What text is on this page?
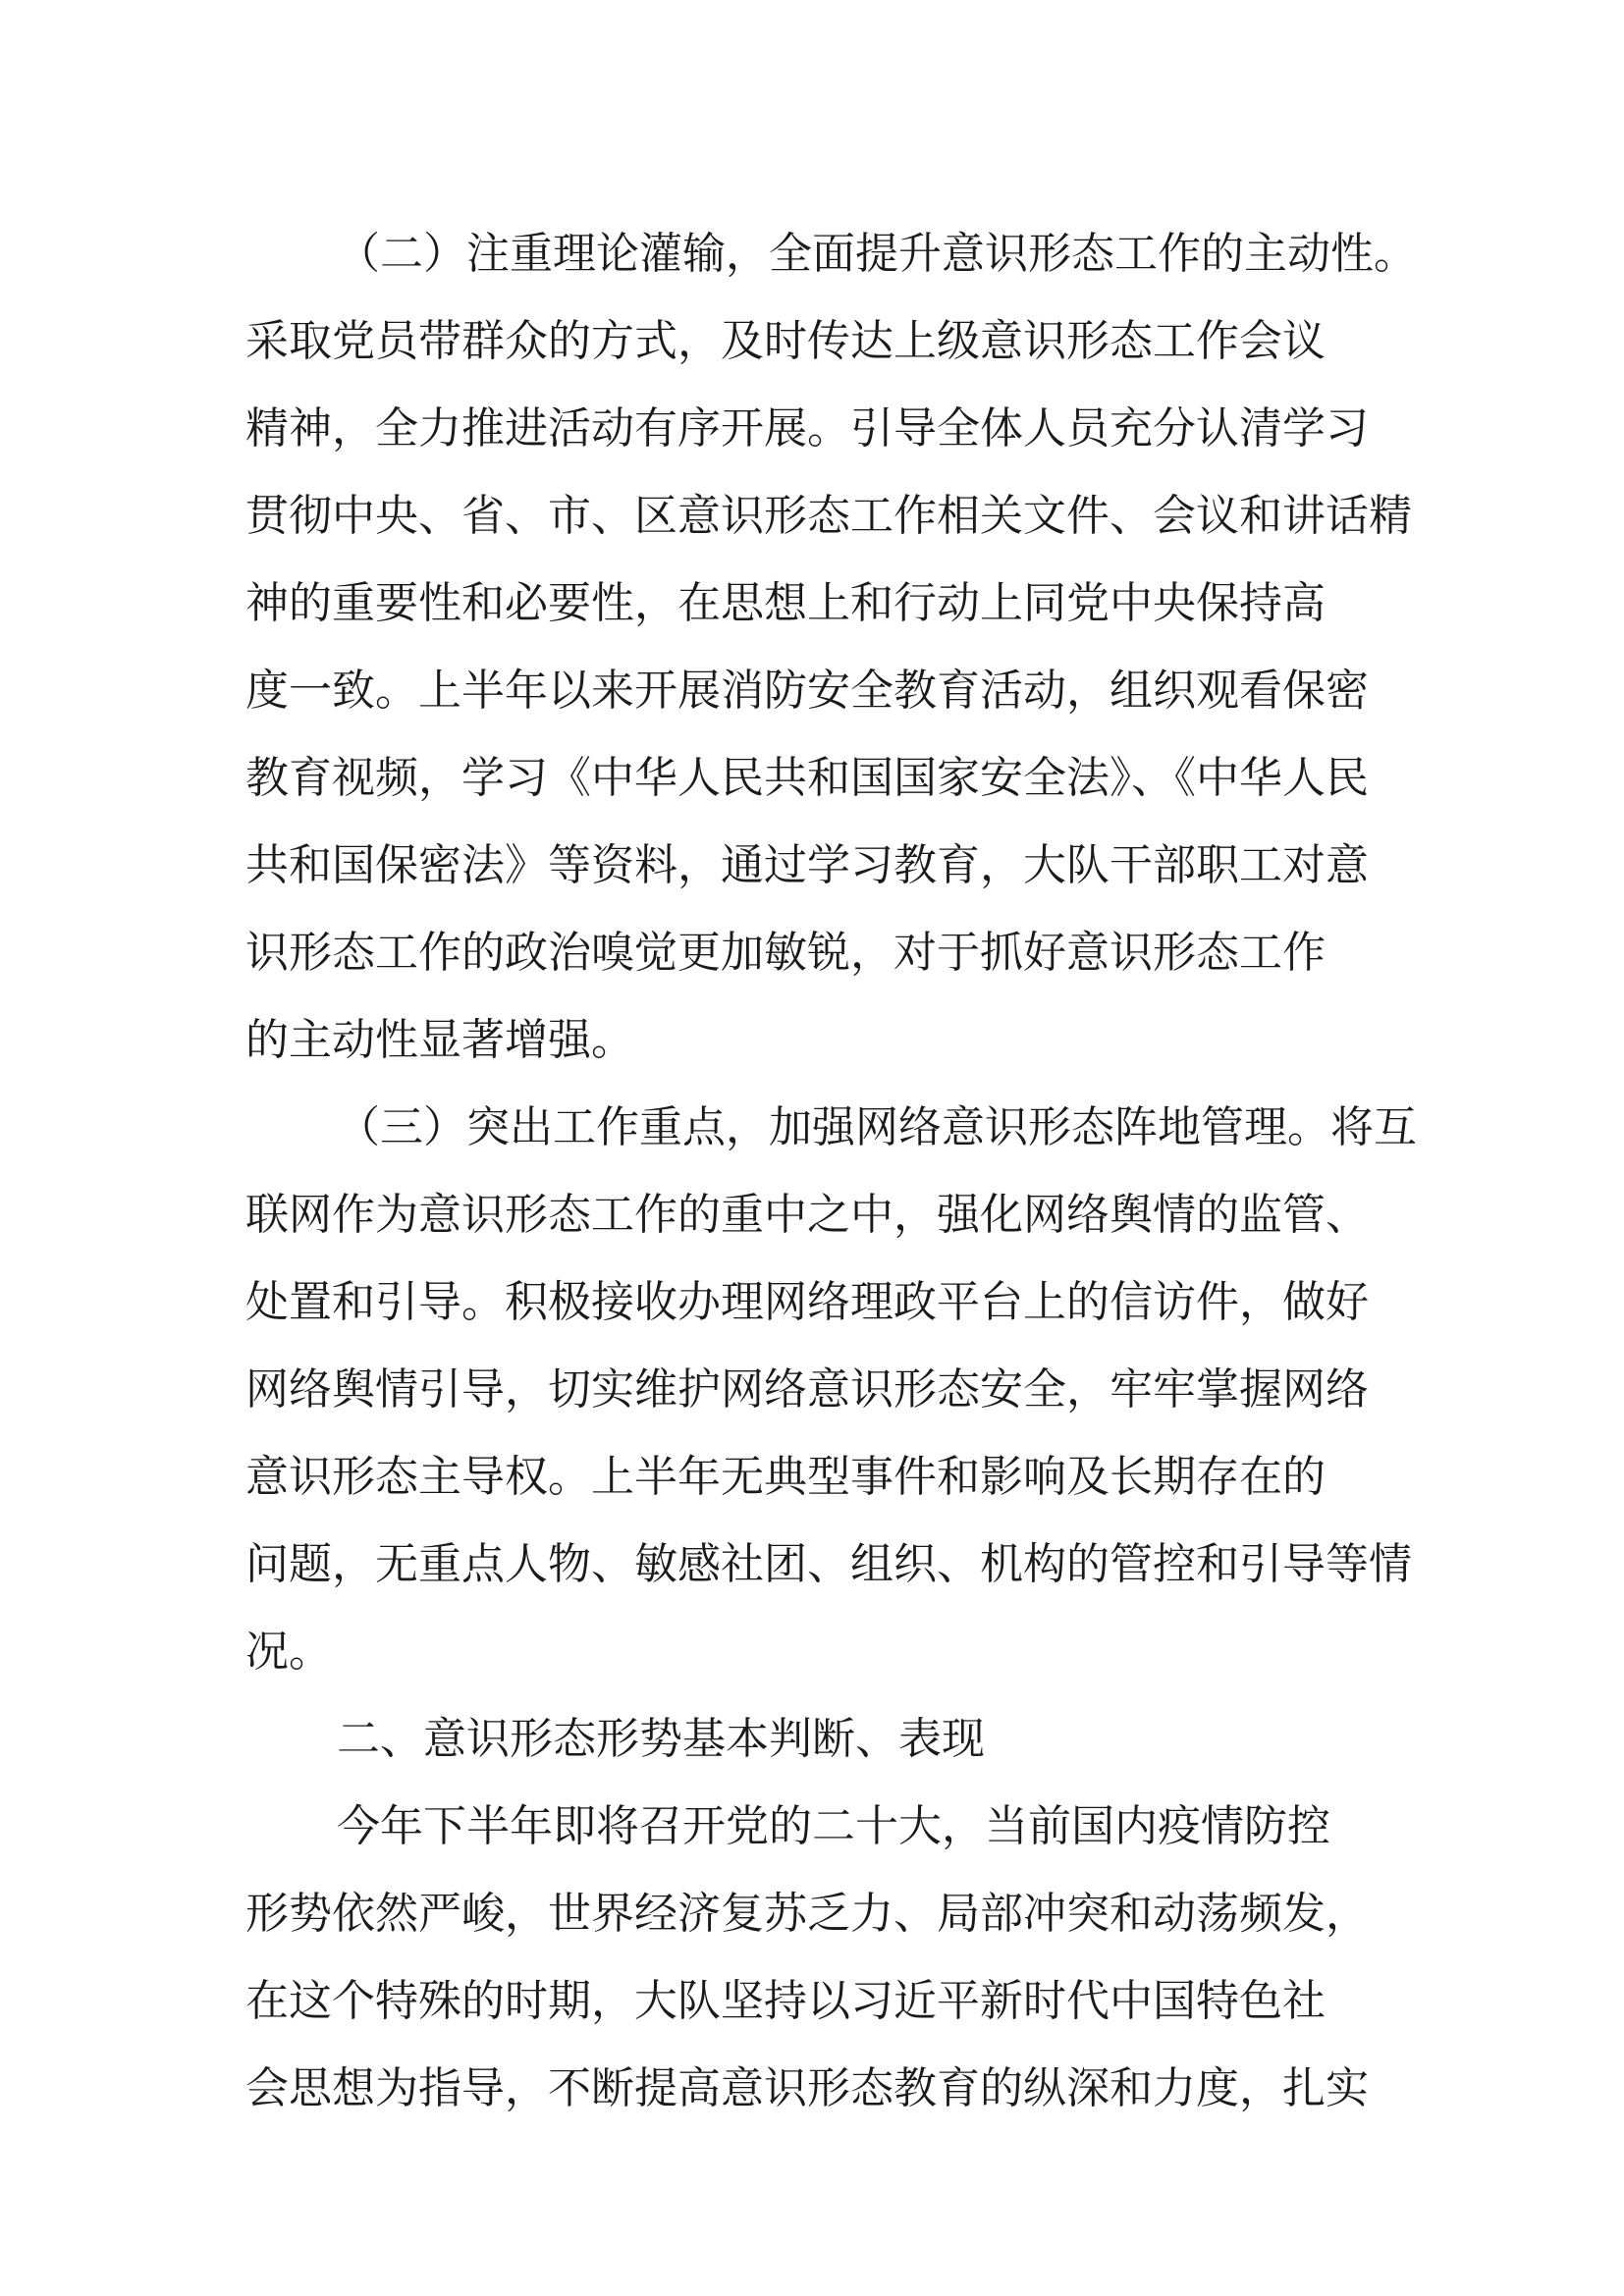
（二）注重理论灌输，全面提升意识形态工作的主动性。
采取党员带群众的方式，及时传达上级意识形态工作会议
精神，全力推进活动有序开展。引导全体人员充分认清学习
贯彻中央、省、市、区意识形态工作相关文件、会议和讲话精
神的重要性和必要性，在思想上和行动上同党中央保持高
度一致。上半年以来开展消防安全教育活动，组织观看保密
教育视频，学习《中华人民共和国国家安全法》、《中华人民
共和国保密法》等资料，通过学习教育，大队干部职工对意
识形态工作的政治嗅觉更加敏锐，对于抓好意识形态工作
的主动性显著增强。
（三）突出工作重点，加强网络意识形态阵地管理。将互
联网作为意识形态工作的重中之中，强化网络舆情的监管、
处置和引导。积极接收办理网络理政平台上的信访件，做好
网络舆情引导，切实维护网络意识形态安全，牢牢掌握网络
意识形态主导权。上半年无典型事件和影响及长期存在的
问题，无重点人物、敏感社团、组织、机构的管控和引导等情
况。
二、意识形态形势基本判断、表现
今年下半年即将召开党的二十大，当前国内疫情防控
形势依然严峻，世界经济复苏乏力、局部冲突和动荡频发，
在这个特殊的时期，大队坚持以习近平新时代中国特色社
会思想为指导，不断提高意识形态教育的纵深和力度，扎实
